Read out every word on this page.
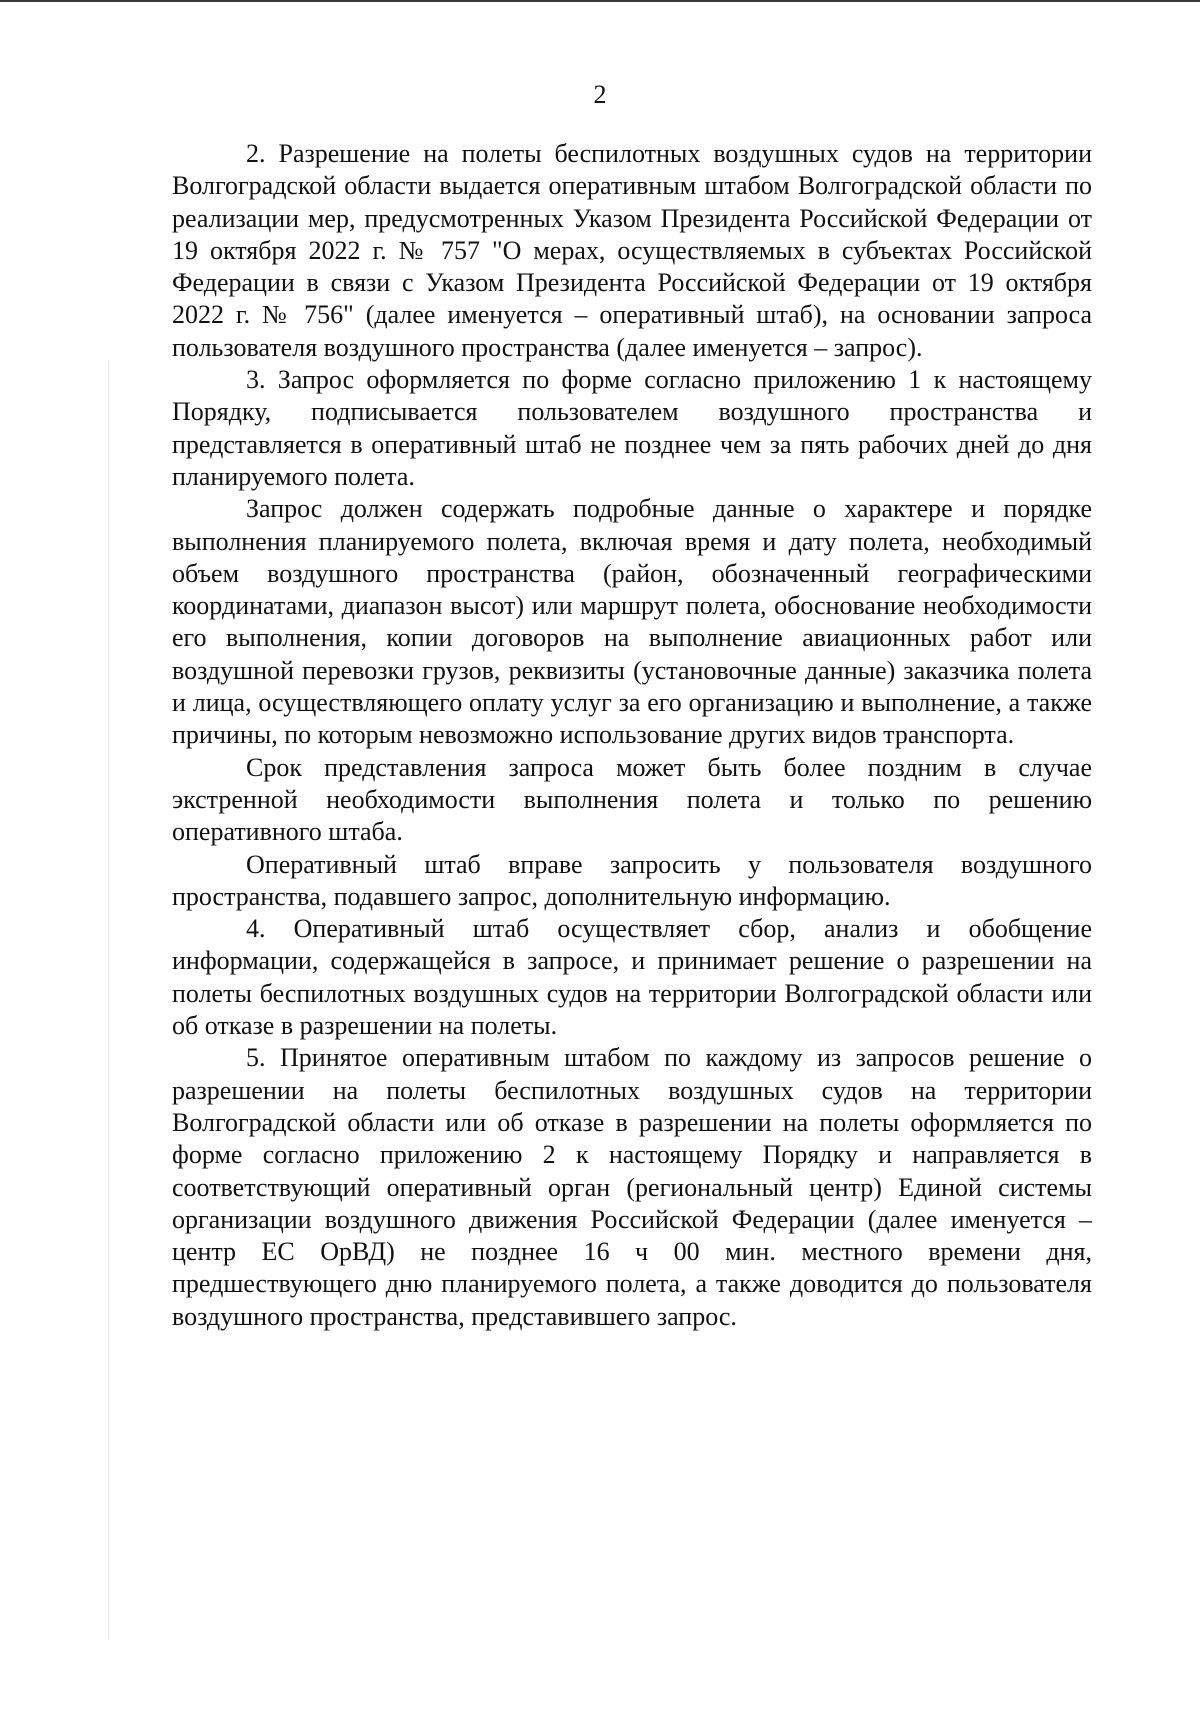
2

2. Разрешение на полеты беспилотных воздушных судов на территории Волгоградской области выдается оперативным штабом Волгоградской области по реализации мер, предусмотренных Указом Президента Российской Федерации от 19 октября 2022 г. № 757 "О мерах, осуществляемых в субъектах Российской Федерации в связи с Указом Президента Российской Федерации от 19 октября 2022 г. № 756" (далее именуется – оперативный штаб), на основании запроса пользователя воздушного пространства (далее именуется – запрос).

3. Запрос оформляется по форме согласно приложению 1 к настоящему Порядку, подписывается пользователем воздушного пространства и представляется в оперативный штаб не позднее чем за пять рабочих дней до дня планируемого полета.

Запрос должен содержать подробные данные о характере и порядке выполнения планируемого полета, включая время и дату полета, необходимый объем воздушного пространства (район, обозначенный географическими координатами, диапазон высот) или маршрут полета, обоснование необходимости его выполнения, копии договоров на выполнение авиационных работ или воздушной перевозки грузов, реквизиты (установочные данные) заказчика полета и лица, осуществляющего оплату услуг за его организацию и выполнение, а также причины, по которым невозможно использование других видов транспорта.

Срок представления запроса может быть более поздним в случае экстренной необходимости выполнения полета и только по решению оперативного штаба.

Оперативный штаб вправе запросить у пользователя воздушного пространства, подавшего запрос, дополнительную информацию.

4. Оперативный штаб осуществляет сбор, анализ и обобщение информации, содержащейся в запросе, и принимает решение о разрешении на полеты беспилотных воздушных судов на территории Волгоградской области или об отказе в разрешении на полеты.

5. Принятое оперативным штабом по каждому из запросов решение о разрешении на полеты беспилотных воздушных судов на территории Волгоградской области или об отказе в разрешении на полеты оформляется по форме согласно приложению 2 к настоящему Порядку и направляется в соответствующий оперативный орган (региональный центр) Единой системы организации воздушного движения Российской Федерации (далее именуется – центр ЕС ОрВД) не позднее 16 ч 00 мин. местного времени дня, предшествующего дню планируемого полета, а также доводится до пользователя воздушного пространства, представившего запрос.
